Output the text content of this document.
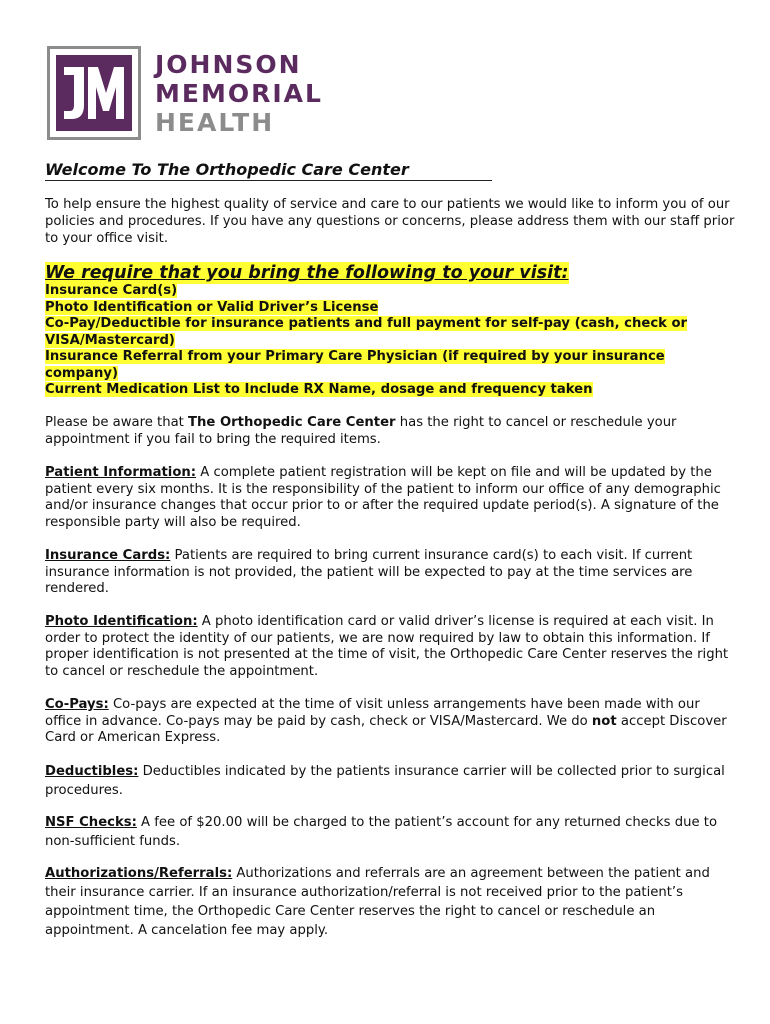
JOHNSON
MEMORIAL
HEALTH
Welcome To The Orthopedic Care Center
To help ensure the highest quality of service and care to our patients we would like to inform you of our policies and procedures. If you have any questions or concerns, please address them with our staff prior to your office visit.
We require that you bring the following to your visit:
Insurance Card(s)
Photo Identification or Valid Driver’s License
Co-Pay/Deductible for insurance patients and full payment for self-pay (cash, check or VISA/Mastercard)
Insurance Referral from your Primary Care Physician (if required by your insurance company)
Current Medication List to Include RX Name, dosage and frequency taken
Please be aware that The Orthopedic Care Center has the right to cancel or reschedule your appointment if you fail to bring the required items.
Patient Information: A complete patient registration will be kept on file and will be updated by the patient every six months. It is the responsibility of the patient to inform our office of any demographic and/or insurance changes that occur prior to or after the required update period(s). A signature of the responsible party will also be required.
Insurance Cards: Patients are required to bring current insurance card(s) to each visit. If current insurance information is not provided, the patient will be expected to pay at the time services are rendered.
Photo Identification: A photo identification card or valid driver’s license is required at each visit. In order to protect the identity of our patients, we are now required by law to obtain this information. If proper identification is not presented at the time of visit, the Orthopedic Care Center reserves the right to cancel or reschedule the appointment.
Co-Pays: Co-pays are expected at the time of visit unless arrangements have been made with our office in advance. Co-pays may be paid by cash, check or VISA/Mastercard. We do not accept Discover Card or American Express.
Deductibles: Deductibles indicated by the patients insurance carrier will be collected prior to surgical procedures.
NSF Checks: A fee of $20.00 will be charged to the patient’s account for any returned checks due to non-sufficient funds.
Authorizations/Referrals: Authorizations and referrals are an agreement between the patient and their insurance carrier. If an insurance authorization/referral is not received prior to the patient’s appointment time, the Orthopedic Care Center reserves the right to cancel or reschedule an appointment. A cancelation fee may apply.
